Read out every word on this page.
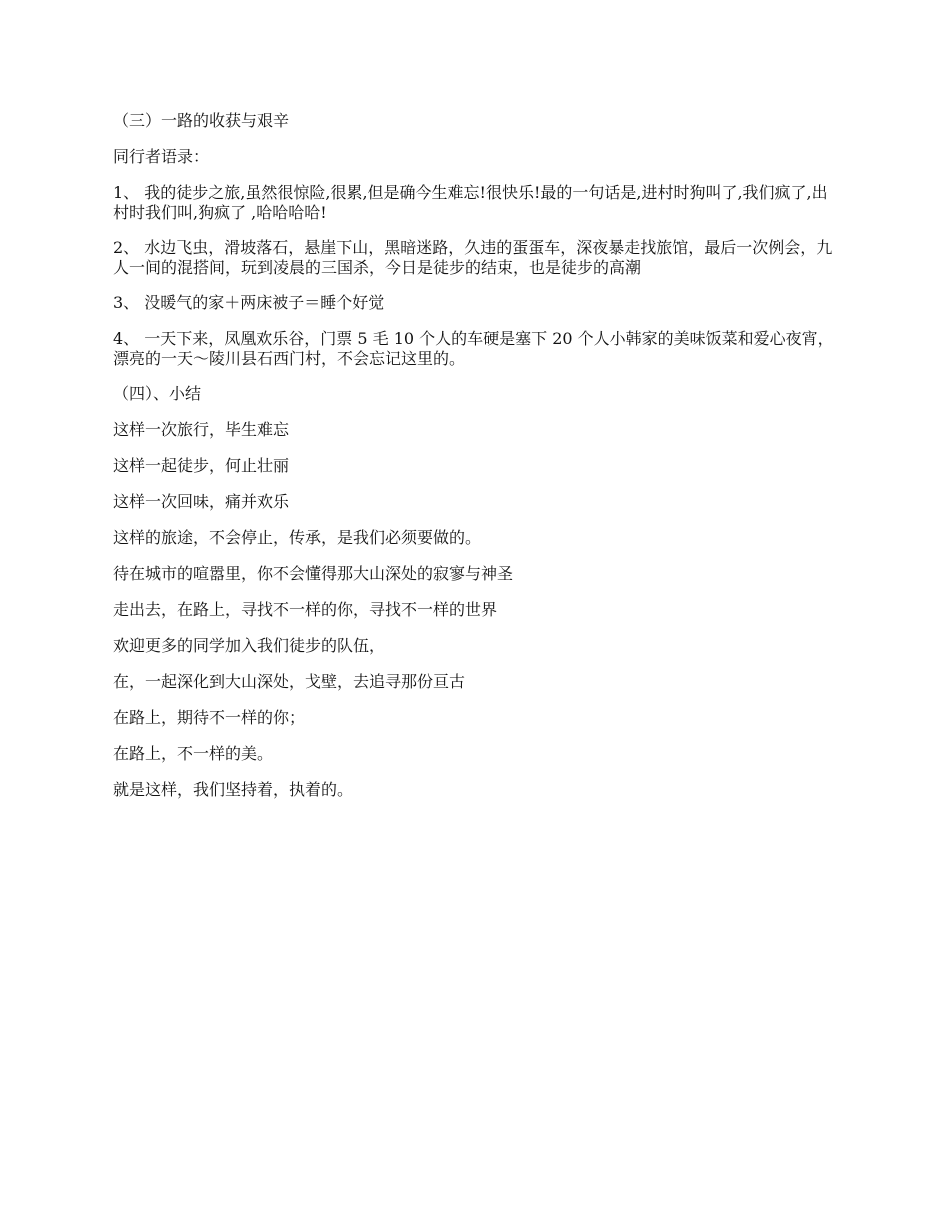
（三）一路的收获与艰辛

同行者语录：

1、 我的徒步之旅,虽然很惊险,很累,但是确今生难忘!很快乐!最的一句话是,进村时狗叫了,我们疯了,出村时我们叫,狗疯了 ,哈哈哈哈!

2、 水边飞虫，滑坡落石，悬崖下山，黑暗迷路，久违的蛋蛋车，深夜暴走找旅馆，最后一次例会，九人一间的混搭间，玩到凌晨的三国杀，今日是徒步的结束，也是徒步的高潮

3、 没暖气的家＋两床被子＝睡个好觉

4、 一天下来，凤凰欢乐谷，门票 5 毛 10 个人的车硬是塞下 20 个人小韩家的美味饭菜和爱心夜宵，漂亮的一天～陵川县石西门村，不会忘记这里的。

（四）、小结

这样一次旅行，毕生难忘

这样一起徒步，何止壮丽

这样一次回味，痛并欢乐

这样的旅途，不会停止，传承，是我们必须要做的。

待在城市的喧嚣里，你不会懂得那大山深处的寂寥与神圣

走出去，在路上，寻找不一样的你，寻找不一样的世界

欢迎更多的同学加入我们徒步的队伍，

在，一起深化到大山深处，戈壁，去追寻那份亘古

在路上，期待不一样的你；

在路上，不一样的美。

就是这样，我们坚持着，执着的。
